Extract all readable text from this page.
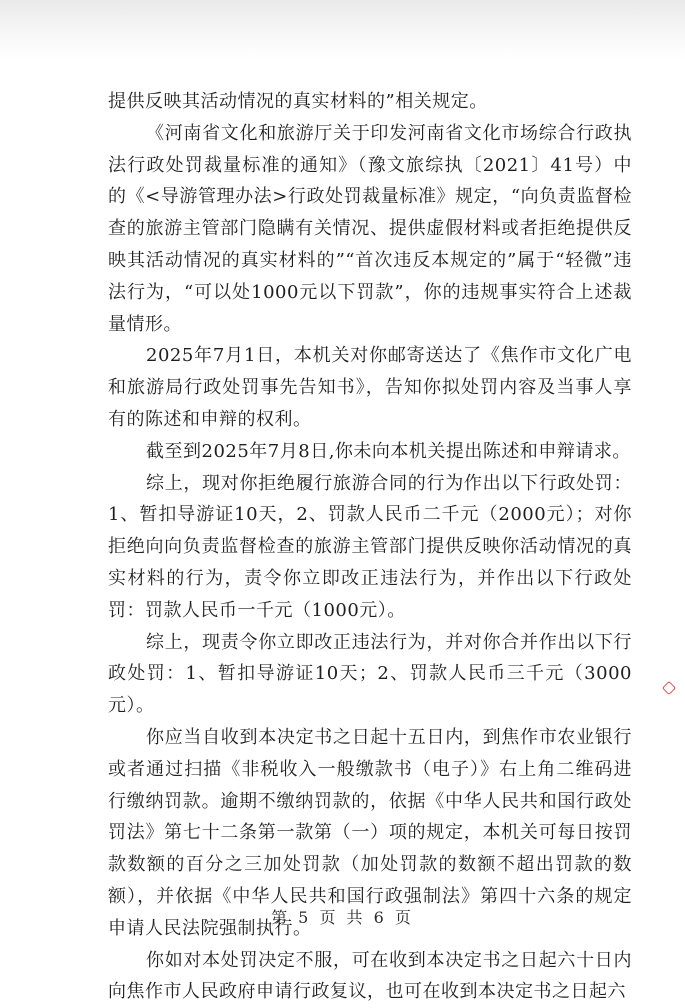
提供反映其活动情况的真实材料的”相关规定。

《河南省文化和旅游厅关于印发河南省文化市场综合行政执法行政处罚裁量标准的通知》（豫文旅综执〔2021〕41号）中的《<导游管理办法>行政处罚裁量标准》规定，“向负责监督检查的旅游主管部门隐瞒有关情况、提供虚假材料或者拒绝提供反映其活动情况的真实材料的”“首次违反本规定的”属于“轻微”违法行为，“可以处1000元以下罚款”，你的违规事实符合上述裁量情形。

2025年7月1日，本机关对你邮寄送达了《焦作市文化广电和旅游局行政处罚事先告知书》，告知你拟处罚内容及当事人享有的陈述和申辩的权利。

截至到2025年7月8日,你未向本机关提出陈述和申辩请求。

综上，现对你拒绝履行旅游合同的行为作出以下行政处罚：1、暂扣导游证10天，2、罚款人民币二千元（2000元）；对你拒绝向向负责监督检查的旅游主管部门提供反映你活动情况的真实材料的行为，责令你立即改正违法行为，并作出以下行政处罚：罚款人民币一千元（1000元）。

综上，现责令你立即改正违法行为，并对你合并作出以下行政处罚：1、暂扣导游证10天；2、罚款人民币三千元（3000元）。

你应当自收到本决定书之日起十五日内，到焦作市农业银行或者通过扫描《非税收入一般缴款书（电子）》右上角二维码进行缴纳罚款。逾期不缴纳罚款的，依据《中华人民共和国行政处罚法》第七十二条第一款第（一）项的规定，本机关可每日按罚款数额的百分之三加处罚款（加处罚款的数额不超出罚款的数额），并依据《中华人民共和国行政强制法》第四十六条的规定申请人民法院强制执行。

你如对本处罚决定不服，可在收到本决定书之日起六十日内向焦作市人民政府申请行政复议，也可在收到本决定书之日起六

第 5 页 共 6 页
